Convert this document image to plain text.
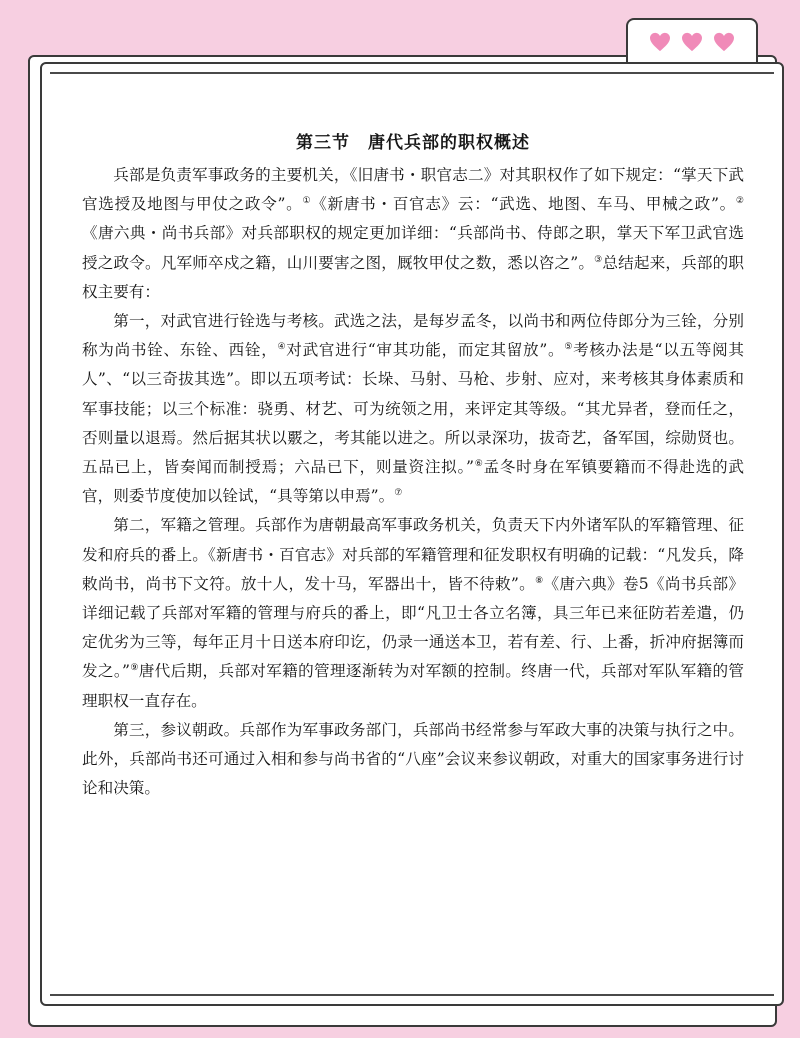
第三节 唐代兵部的职权概述

兵部是负责军事政务的主要机关，《旧唐书・职官志二》对其职权作了如下规定：“掌天下武官选授及地图与甲仗之政令”。①《新唐书・百官志》云：“武选、地图、车马、甲械之政”。②《唐六典・尚书兵部》对兵部职权的规定更加详细：“兵部尚书、侍郎之职，掌天下军卫武官选授之政令。凡军师卒戍之籍，山川要害之图，厩牧甲仗之数，悉以咨之”。③总结起来，兵部的职权主要有：

第一，对武官进行铨选与考核。武选之法，是每岁孟冬，以尚书和两位侍郎分为三铨，分别称为尚书铨、东铨、西铨，④对武官进行“审其功能，而定其留放”。⑤考核办法是“以五等阅其人”、“以三奇拔其选”。即以五项考试：长垛、马射、马枪、步射、应对，来考核其身体素质和军事技能；以三个标准：骁勇、材艺、可为统领之用，来评定其等级。“其尤异者，登而任之，否则量以退焉。然后据其状以覈之，考其能以进之。所以录深功，拔奇艺，备军国，综勋贤也。五品已上，皆奏闻而制授焉；六品已下，则量资注拟。”⑥孟冬时身在军镇要籍而不得赴选的武官，则委节度使加以铨试，“具等第以申焉”。⑦

第二，军籍之管理。兵部作为唐朝最高军事政务机关，负责天下内外诸军队的军籍管理、征发和府兵的番上。《新唐书・百官志》对兵部的军籍管理和征发职权有明确的记载：“凡发兵，降敕尚书，尚书下文符。放十人，发十马，军器出十，皆不待敕”。⑧《唐六典》卷5《尚书兵部》详细记载了兵部对军籍的管理与府兵的番上，即“凡卫士各立名簿，具三年已来征防若差遣，仍定优劣为三等，每年正月十日送本府印讫，仍录一通送本卫，若有差、行、上番，折冲府据簿而发之。”⑨唐代后期，兵部对军籍的管理逐渐转为对军额的控制。终唐一代，兵部对军队军籍的管理职权一直存在。

第三，参议朝政。兵部作为军事政务部门，兵部尚书经常参与军政大事的决策与执行之中。此外，兵部尚书还可通过入相和参与尚书省的“八座”会议来参议朝政，对重大的国家事务进行讨论和决策。
